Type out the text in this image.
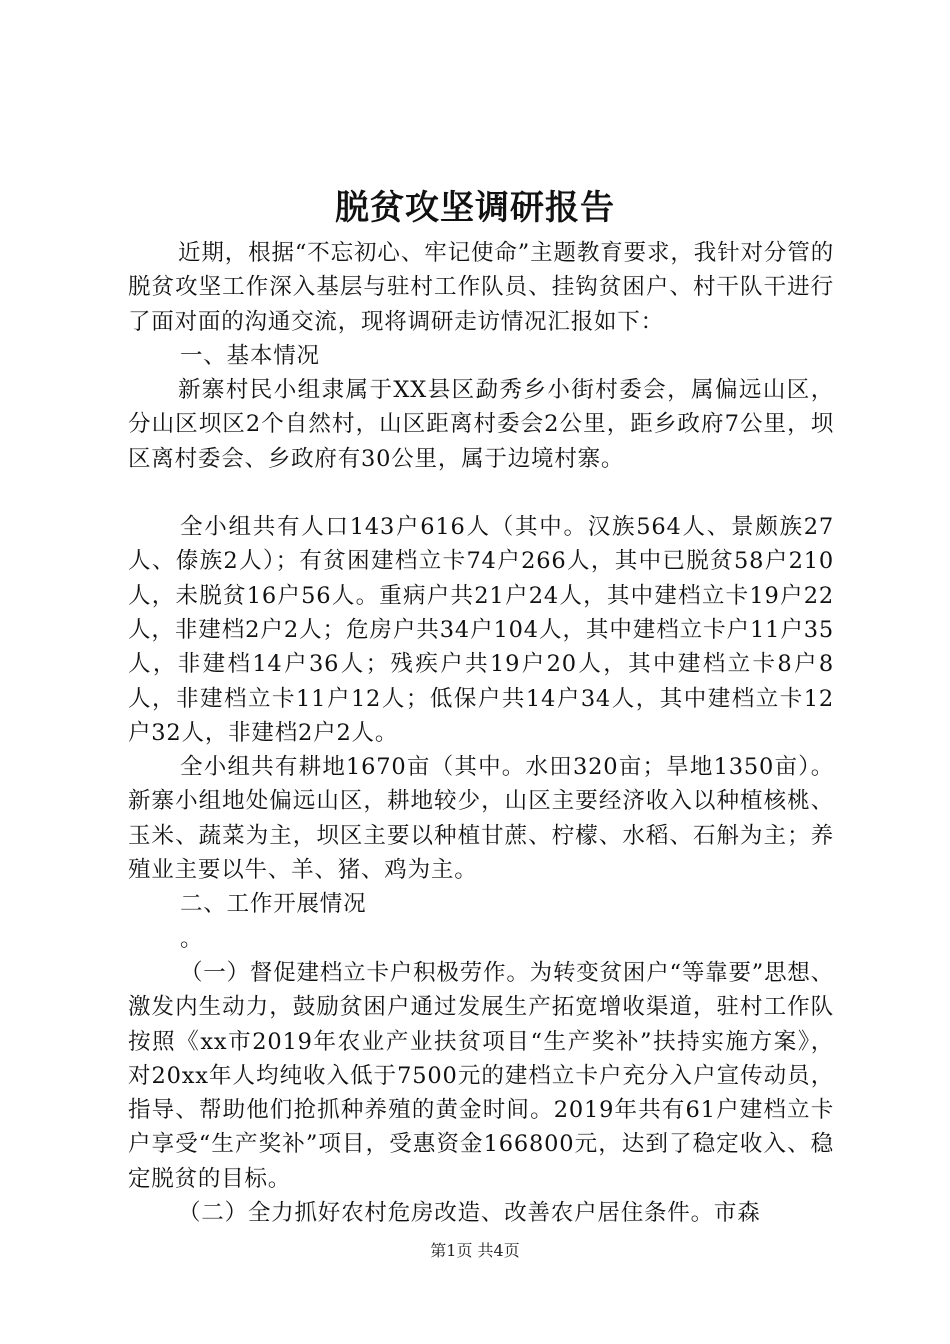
脱贫攻坚调研报告

近期，根据“不忘初心、牢记使命”主题教育要求，我针对分管的脱贫攻坚工作深入基层与驻村工作队员、挂钩贫困户、村干队干进行了面对面的沟通交流，现将调研走访情况汇报如下：

一、基本情况

新寨村民小组隶属于XX县区勐秀乡小街村委会，属偏远山区，分山区坝区2个自然村，山区距离村委会2公里，距乡政府7公里，坝区离村委会、乡政府有30公里，属于边境村寨。

全小组共有人口143户616人（其中。汉族564人、景颇族27人、傣族2人）；有贫困建档立卡74户266人，其中已脱贫58户210人，未脱贫16户56人。重病户共21户24人，其中建档立卡19户22人，非建档2户2人；危房户共34户104人，其中建档立卡户11户35人，非建档14户36人；残疾户共19户20人，其中建档立卡8户8人，非建档立卡11户12人；低保户共14户34人，其中建档立卡12户32人，非建档2户2人。

全小组共有耕地1670亩（其中。水田320亩；旱地1350亩）。新寨小组地处偏远山区，耕地较少，山区主要经济收入以种植核桃、玉米、蔬菜为主，坝区主要以种植甘蔗、柠檬、水稻、石斛为主；养殖业主要以牛、羊、猪、鸡为主。

二、工作开展情况

。

（一）督促建档立卡户积极劳作。为转变贫困户“等靠要”思想、激发内生动力，鼓励贫困户通过发展生产拓宽增收渠道，驻村工作队按照《xx市2019年农业产业扶贫项目“生产奖补”扶持实施方案》，对20xx年人均纯收入低于7500元的建档立卡户充分入户宣传动员，指导、帮助他们抢抓种养殖的黄金时间。2019年共有61户建档立卡户享受“生产奖补”项目，受惠资金166800元，达到了稳定收入、稳定脱贫的目标。

（二）全力抓好农村危房改造、改善农户居住条件。市森

第1页 共4页
